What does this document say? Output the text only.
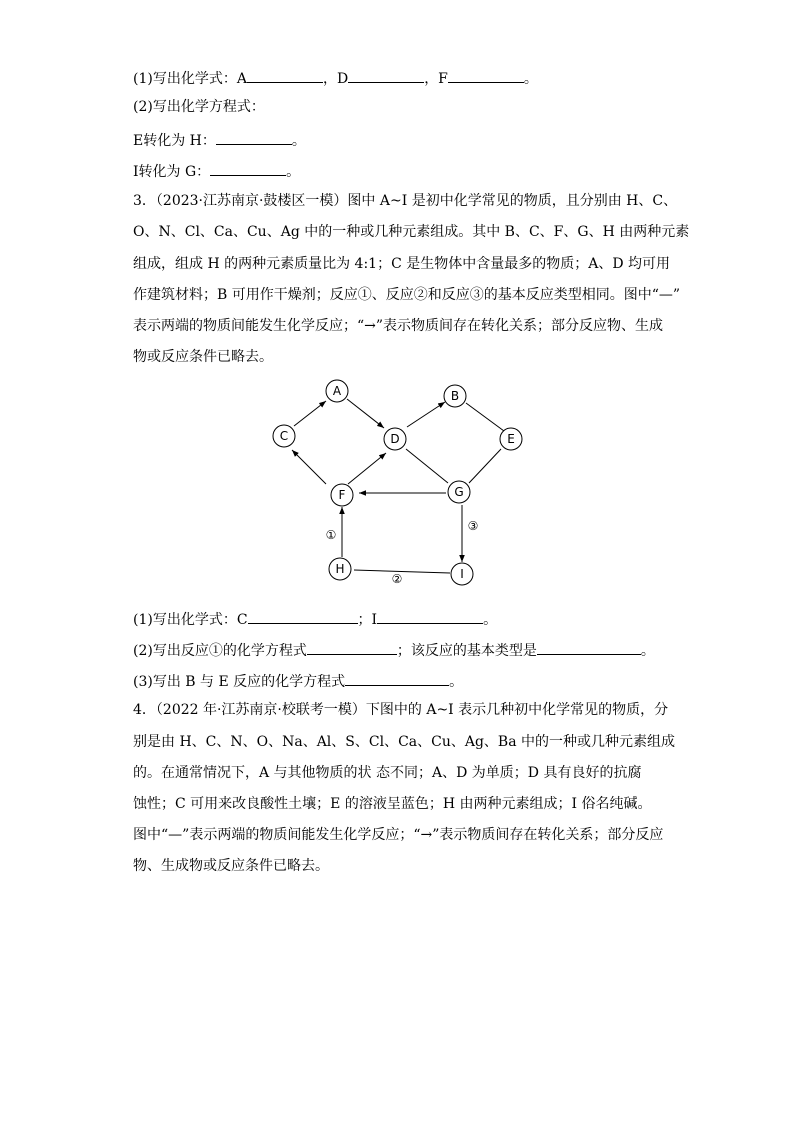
(1)写出化学式：A	，D	，F	。
(2)写出化学方程式：
E转化为 H：	。
I转化为 G：	。
3．（2023·江苏南京·鼓楼区一模）图中 A~I 是初中化学常见的物质，且分别由 H、C、
O、N、Cl、Ca、Cu、Ag 中的一种或几种元素组成。其中 B、C、F、G、H 由两种元素
组成，组成 H 的两种元素质量比为 4:1；C 是生物体中含量最多的物质；A、D 均可用
作建筑材料；B 可用作干燥剂；反应①、反应②和反应③的基本反应类型相同。图中“—”
表示两端的物质间能发生化学反应；“→”表示物质间存在转化关系；部分反应物、生成
物或反应条件已略去。
A	B
C	D	E
F	G
H	I
①
②
③
(1)写出化学式：C	；I	。
(2)写出反应①的化学方程式	；该反应的基本类型是	。
(3)写出 B 与 E 反应的化学方程式	。
4．（2022 年·江苏南京·校联考一模）下图中的 A~I 表示几种初中化学常见的物质，分
别是由 H、C、N、O、Na、Al、S、Cl、Ca、Cu、Ag、Ba 中的一种或几种元素组成
的。在通常情况下，A 与其他物质的状 态不同；A、D 为单质；D 具有良好的抗腐
蚀性；C 可用来改良酸性土壤；E 的溶液呈蓝色；H 由两种元素组成；I 俗名纯碱。
图中“—”表示两端的物质间能发生化学反应；“→”表示物质间存在转化关系；部分反应
物、生成物或反应条件已略去。
